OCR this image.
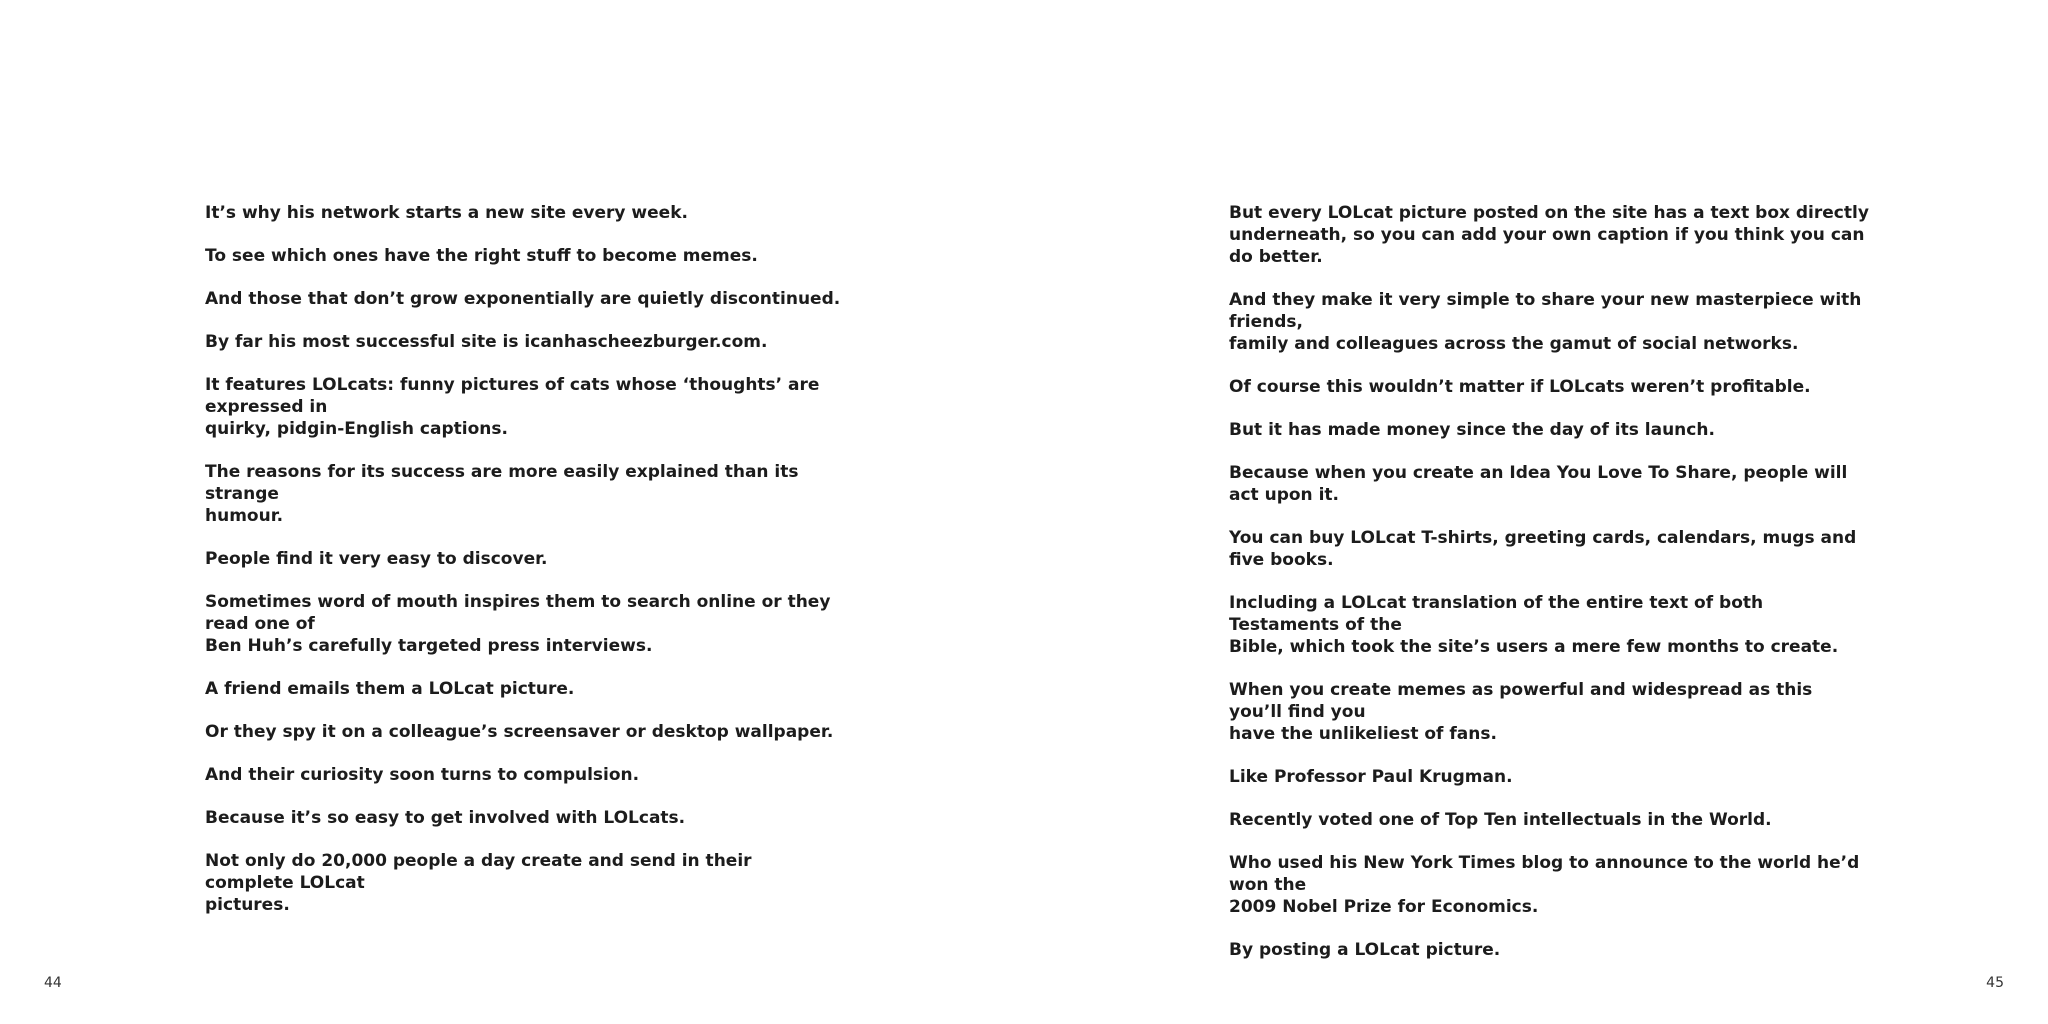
It’s why his network starts a new site every week.

To see which ones have the right stuff to become memes.

And those that don’t grow exponentially are quietly discontinued.

By far his most successful site is icanhascheezburger.com.

It features LOLcats: funny pictures of cats whose ‘thoughts’ are expressed in
quirky, pidgin-English captions.

The reasons for its success are more easily explained than its strange
humour.

People find it very easy to discover.

Sometimes word of mouth inspires them to search online or they read one of
Ben Huh’s carefully targeted press interviews.

A friend emails them a LOLcat picture.

Or they spy it on a colleague’s screensaver or desktop wallpaper.

And their curiosity soon turns to compulsion.

Because it’s so easy to get involved with LOLcats.

Not only do 20,000 people a day create and send in their complete LOLcat
pictures.

44

But every LOLcat picture posted on the site has a text box directly
underneath, so you can add your own caption if you think you can do better.

And they make it very simple to share your new masterpiece with friends,
family and colleagues across the gamut of social networks.

Of course this wouldn’t matter if LOLcats weren’t profitable.

But it has made money since the day of its launch.

Because when you create an Idea You Love To Share, people will act upon it.

You can buy LOLcat T-shirts, greeting cards, calendars, mugs and five books.

Including a LOLcat translation of the entire text of both Testaments of the
Bible, which took the site’s users a mere few months to create.

When you create memes as powerful and widespread as this you’ll find you
have the unlikeliest of fans.

Like Professor Paul Krugman.

Recently voted one of Top Ten intellectuals in the World.

Who used his New York Times blog to announce to the world he’d won the
2009 Nobel Prize for Economics.

By posting a LOLcat picture.

45
